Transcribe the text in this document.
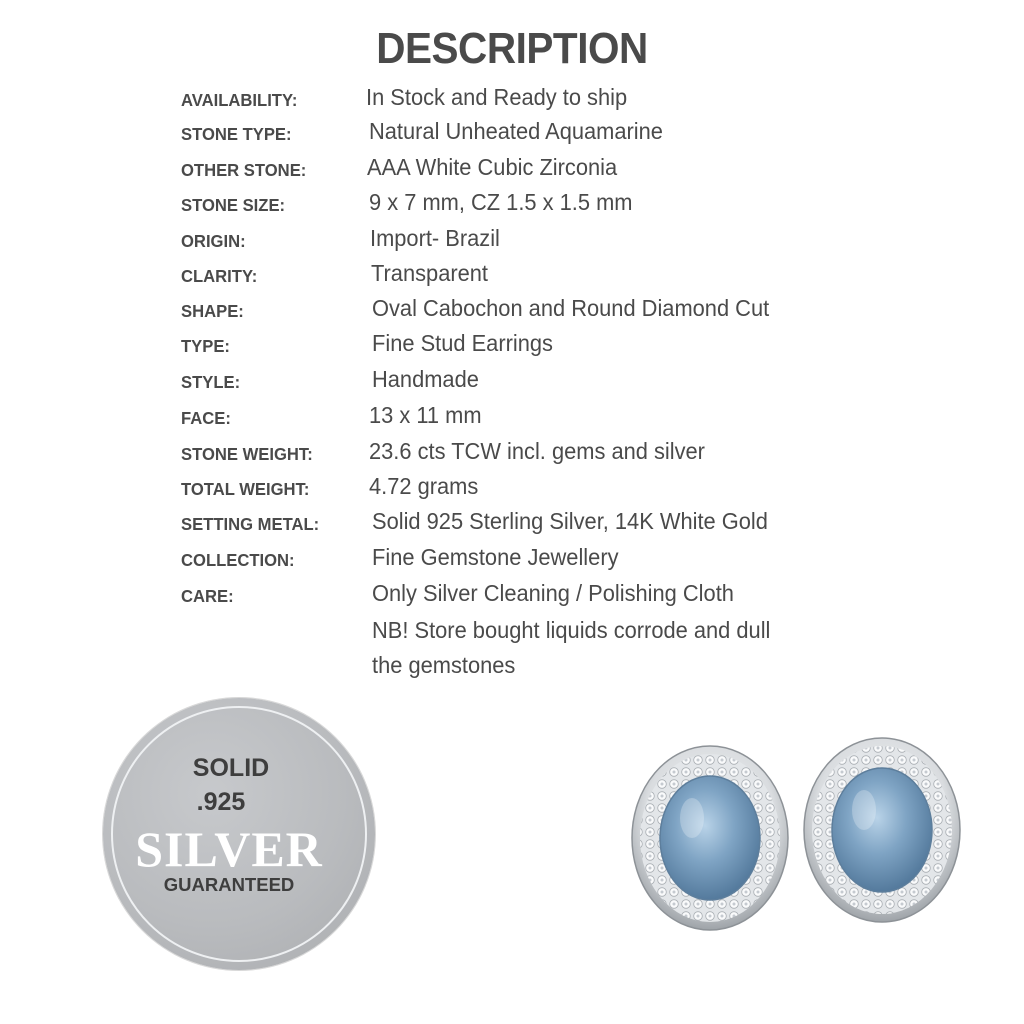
DESCRIPTION
AVAILABILITY:	In Stock and Ready to ship
STONE TYPE:	Natural Unheated Aquamarine
OTHER STONE:	AAA White Cubic Zirconia
STONE SIZE:	9 x 7 mm, CZ 1.5 x 1.5 mm
ORIGIN:	Import- Brazil
CLARITY:	Transparent
SHAPE:	Oval Cabochon and Round Diamond Cut
TYPE:	Fine Stud Earrings
STYLE:	Handmade
FACE:	13 x 11 mm
STONE WEIGHT: 23.6 cts TCW incl. gems and silver
TOTAL WEIGHT:	4.72 grams
SETTING METAL: Solid 925 Sterling Silver, 14K White Gold
COLLECTION:	Fine Gemstone Jewellery
CARE:	Only Silver Cleaning / Polishing Cloth
NB! Store bought liquids corrode and dull
the gemstones
SOLID
.925
SILVER
GUARANTEED
